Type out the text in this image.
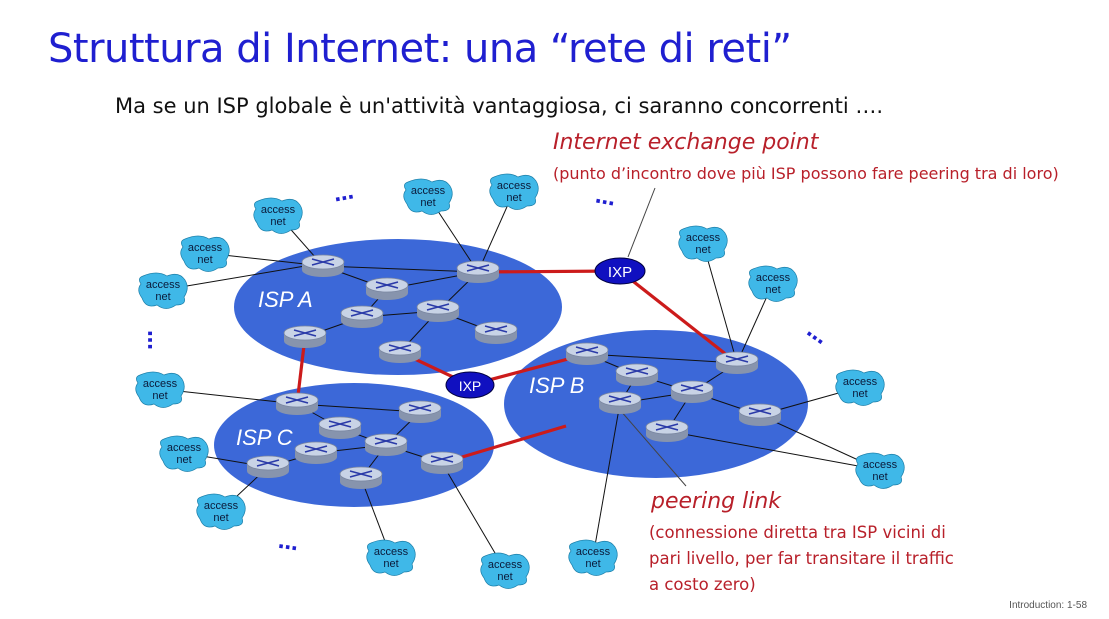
Struttura di Internet: una “rete di reti”
Ma se un ISP globale è un'attività vantaggiosa, ci saranno concorrenti ….
ISP A
ISP B
ISP C
IXP
IXP
access
net
access
net
access
net
access
net
access
net
access
net
access
net
access
net
access
net
access
net
access
net	access
net
access
net
access
net
access
net
…	…
…	…
…
Internet exchange point
(punto d’incontro dove più ISP possono fare peering tra di loro)
peering link
(connessione diretta tra ISP vicini di
pari livello, per far transitare il traffic
a costo zero)
Introduction: 1-58
